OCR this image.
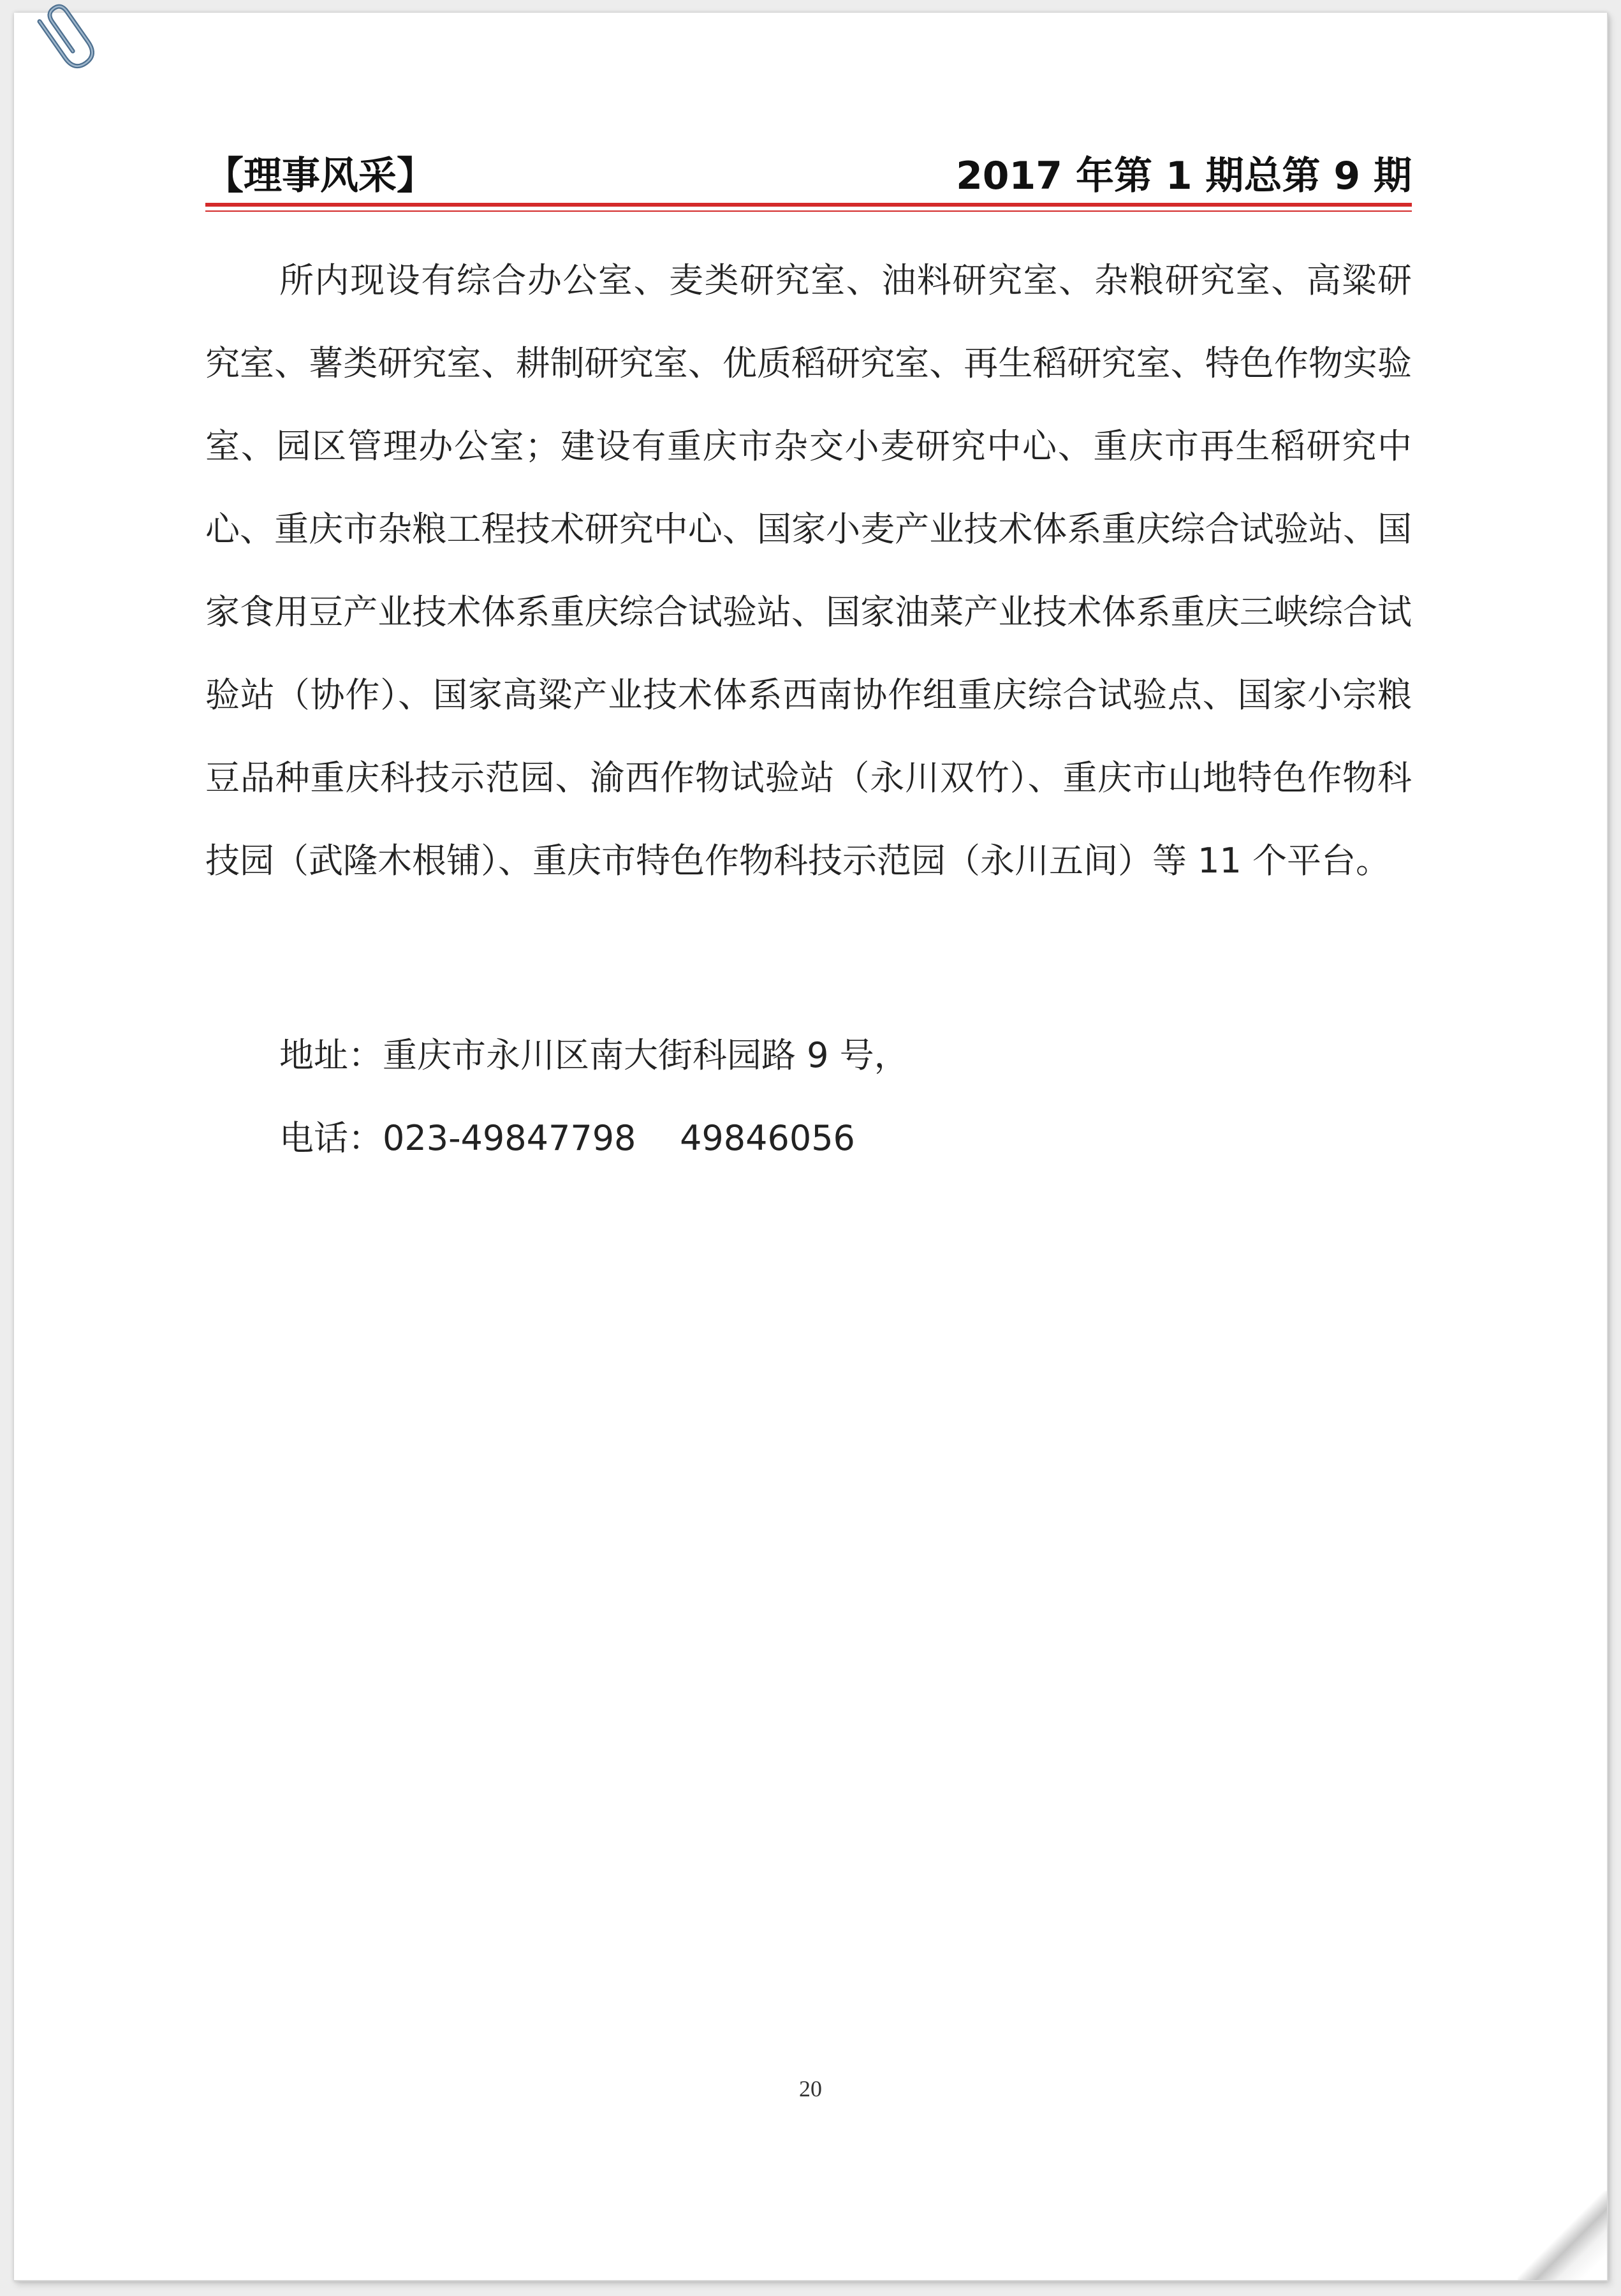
【理事风采】	2017 年第 1 期总第 9 期
所内现设有综合办公室、麦类研究室、油料研究室、杂粮研究室、高粱研究室、薯类研究室、耕制研究室、优质稻研究室、再生稻研究室、特色作物实验室、园区管理办公室；建设有重庆市杂交小麦研究中心、重庆市再生稻研究中心、重庆市杂粮工程技术研究中心、国家小麦产业技术体系重庆综合试验站、国家食用豆产业技术体系重庆综合试验站、国家油菜产业技术体系重庆三峡综合试验站（协作）、国家高粱产业技术体系西南协作组重庆综合试验点、国家小宗粮豆品种重庆科技示范园、渝西作物试验站（永川双竹）、重庆市山地特色作物科技园（武隆木根铺）、重庆市特色作物科技示范园（永川五间）等 11 个平台。
地址：重庆市永川区南大街科园路 9 号，
电话：023-49847798    49846056
20
